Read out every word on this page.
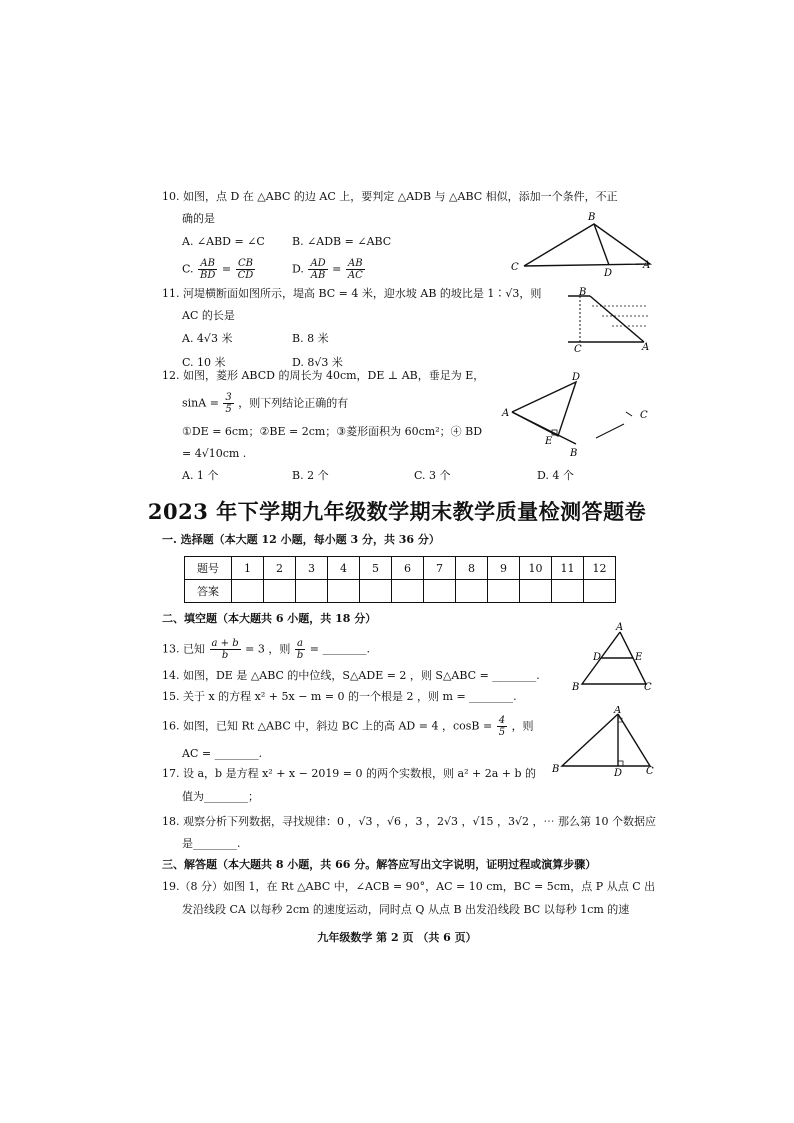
10. 如图，点 D 在 △ABC 的边 AC 上，要判定 △ADB 与 △ABC 相似，添加一个条件，不正
确的是
A. ∠ABD = ∠C B. ∠ADB = ∠ABC
C. $\frac{AB}{BD} = \frac{CB}{CD}$	D. $\frac{AD}{AB} = \frac{AB}{AC}$
B
C
D
A
11. 河堤横断面如图所示，堤高 BC = 4 米，迎水坡 AB 的坡比是 1∶√3，则
AC 的长是
A. 4√3 米	B. 8 米
C. 10 米	D. 8√3 米
B
C	A
12. 如图，菱形 ABCD 的周长为 40cm，DE ⊥ AB，垂足为 E，
$\sin A = \frac{3}{5}$ ，则下列结论正确的有
①DE = 6cm；②BE = 2cm；③菱形面积为 60cm²；④ BD
= 4√10cm .
A. 1 个	B. 2 个	C. 3 个	D. 4 个
A
D
E
B
C
2023 年下学期九年级数学期末教学质量检测答题卷
一. 选择题（本大题 12 小题，每小题 3 分，共 36 分）
题号	1	2	3	4	5	6	7	8	9	10	11	12
答案												
二、填空题（本大题共 6 小题，共 18 分）
13. 已知 $\frac{a + b}{b} = 3$ ，则 $\frac{a}{b}$ = ________.
14. 如图，DE 是 △ABC 的中位线，S△ADE = 2 ，则 S△ABC = ________.
15. 关于 x 的方程 x² + 5x − m = 0 的一个根是 2 ，则 m = ________.
A
D	E
B	C
16. 如图，已知 Rt △ABC 中，斜边 BC 上的高 AD = 4 ，$\cos B = \frac{4}{5}$ ，则
AC = ________.
A
B	D C
17. 设 a，b 是方程 x² + x − 2019 = 0 的两个实数根，则 a² + 2a + b 的
值为________；
18. 观察分析下列数据，寻找规律：0 ，√3 ，√6 ，3 ，2√3 ，√15 ，3√2 ，⋯ 那么第 10 个数据应
是________.
三、解答题（本大题共 8 小题，共 66 分。解答应写出文字说明，证明过程或演算步骤）
19.（8 分）如图 1，在 Rt △ABC 中，∠ACB = 90°，AC = 10 cm，BC = 5cm，点 P 从点 C 出
发沿线段 CA 以每秒 2cm 的速度运动，同时点 Q 从点 B 出发沿线段 BC 以每秒 1cm 的速
九年级数学 第 2 页 （共 6 页）
